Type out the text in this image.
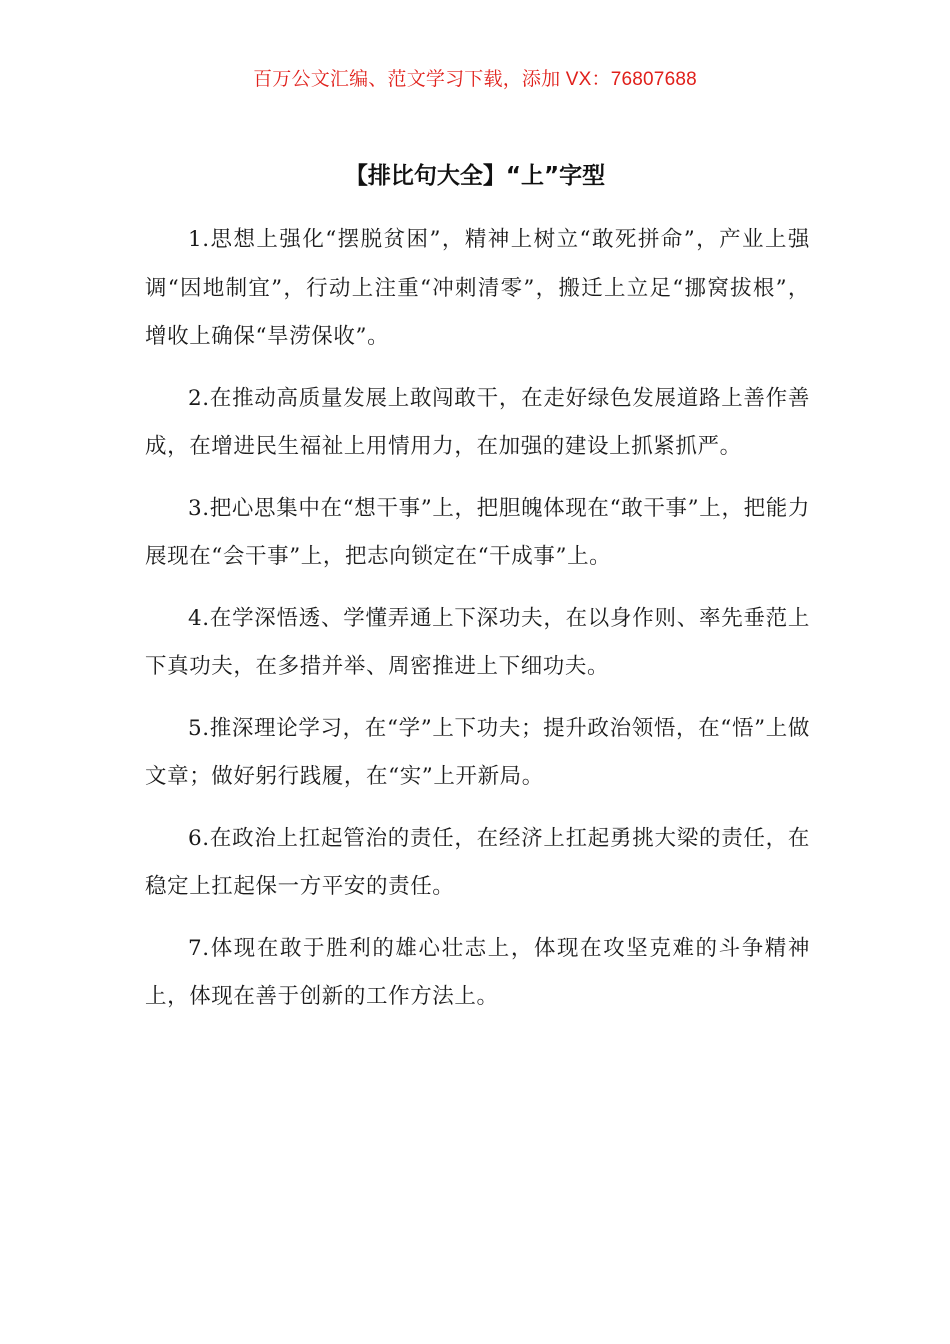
百万公文汇编、范文学习下载，添加 VX：76807688
【排比句大全】“上”字型

1.思想上强化“摆脱贫困”，精神上树立“敢死拼命”，产业上强调“因地制宜”，行动上注重“冲刺清零”，搬迁上立足“挪窝拔根”，增收上确保“旱涝保收”。

2.在推动高质量发展上敢闯敢干，在走好绿色发展道路上善作善成，在增进民生福祉上用情用力，在加强的建设上抓紧抓严。

3.把心思集中在“想干事”上，把胆魄体现在“敢干事”上，把能力展现在“会干事”上，把志向锁定在“干成事”上。

4.在学深悟透、学懂弄通上下深功夫，在以身作则、率先垂范上下真功夫，在多措并举、周密推进上下细功夫。

5.推深理论学习，在“学”上下功夫；提升政治领悟，在“悟”上做文章；做好躬行践履，在“实”上开新局。

6.在政治上扛起管治的责任，在经济上扛起勇挑大梁的责任，在稳定上扛起保一方平安的责任。

7.体现在敢于胜利的雄心壮志上，体现在攻坚克难的斗争精神上，体现在善于创新的工作方法上。
